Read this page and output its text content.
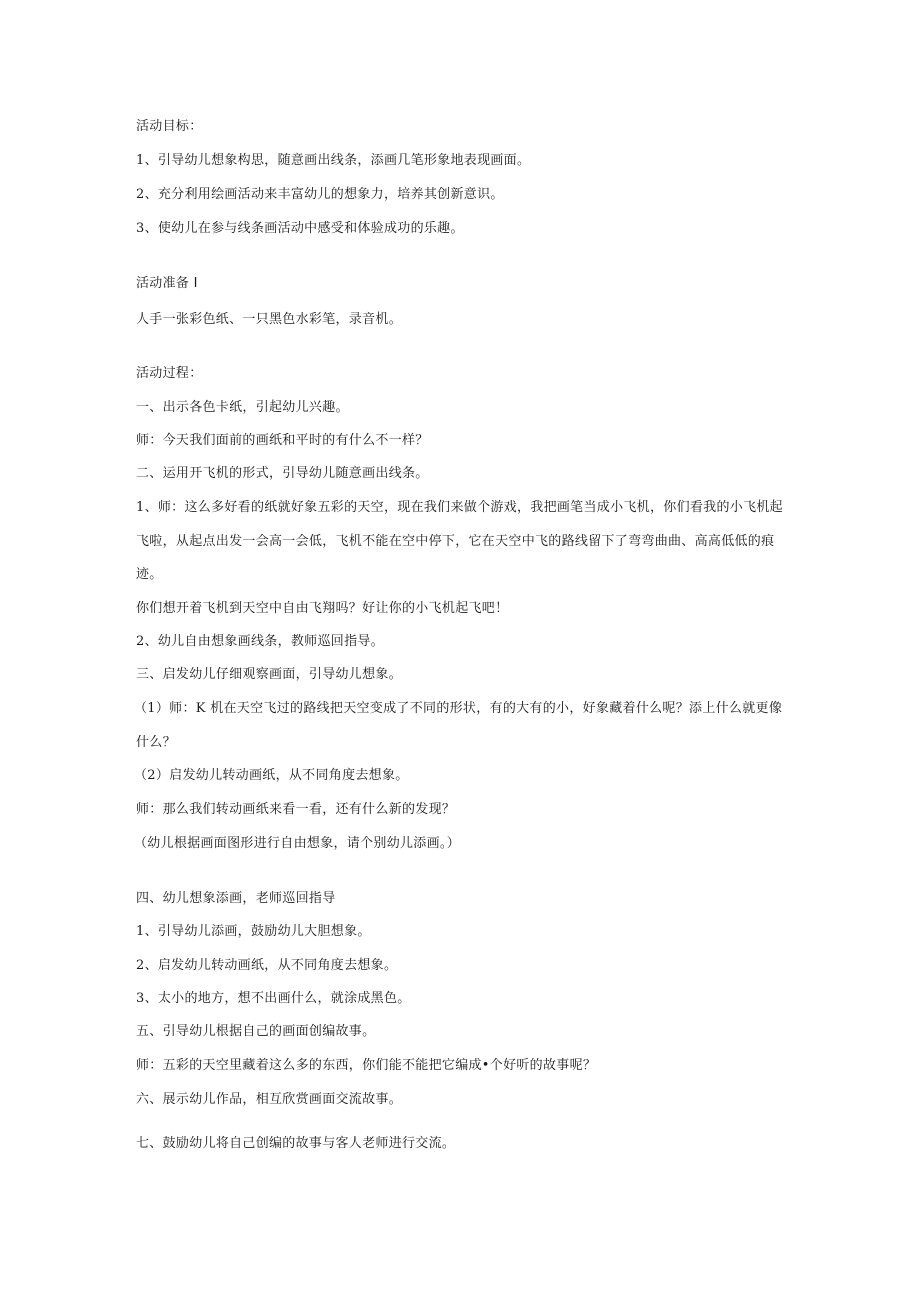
活动目标：
1、引导幼儿想象构思，随意画出线条，添画几笔形象地表现画面。
2、充分利用绘画活动来丰富幼儿的想象力，培养其创新意识。
3、使幼儿在参与线条画活动中感受和体验成功的乐趣。
活动准备 I
人手一张彩色纸、一只黑色水彩笔，录音机。
活动过程：
一、出示各色卡纸，引起幼儿兴趣。
师：今天我们面前的画纸和平时的有什么不一样？
二、运用开飞机的形式，引导幼儿随意画出线条。
1、师：这么多好看的纸就好象五彩的天空，现在我们来做个游戏，我把画笔当成小飞机，你们看我的小飞机起
飞啦，从起点出发一会高一会低，飞机不能在空中停下，它在天空中飞的路线留下了弯弯曲曲、高高低低的痕
迹。
你们想开着飞机到天空中自由飞翔吗？好让你的小飞机起飞吧！
2、幼儿自由想象画线条，教师巡回指导。
三、启发幼儿仔细观察画面，引导幼儿想象。
（1）师：K 机在天空飞过的路线把天空变成了不同的形状，有的大有的小，好象藏着什么呢？添上什么就更像
什么？
（2）启发幼儿转动画纸，从不同角度去想象。
师：那么我们转动画纸来看一看，还有什么新的发现？
（幼儿根据画面图形进行自由想象，请个别幼儿添画。）
四、幼儿想象添画，老师巡回指导
1、引导幼儿添画，鼓励幼儿大胆想象。
2、启发幼儿转动画纸，从不同角度去想象。
3、太小的地方，想不出画什么，就涂成黑色。
五、引导幼儿根据自己的画面创编故事。
师：五彩的天空里藏着这么多的东西，你们能不能把它编成•个好听的故事呢？
六、展示幼儿作品，相互欣赏画面交流故事。
七、鼓励幼儿将自己创编的故事与客人老师进行交流。
